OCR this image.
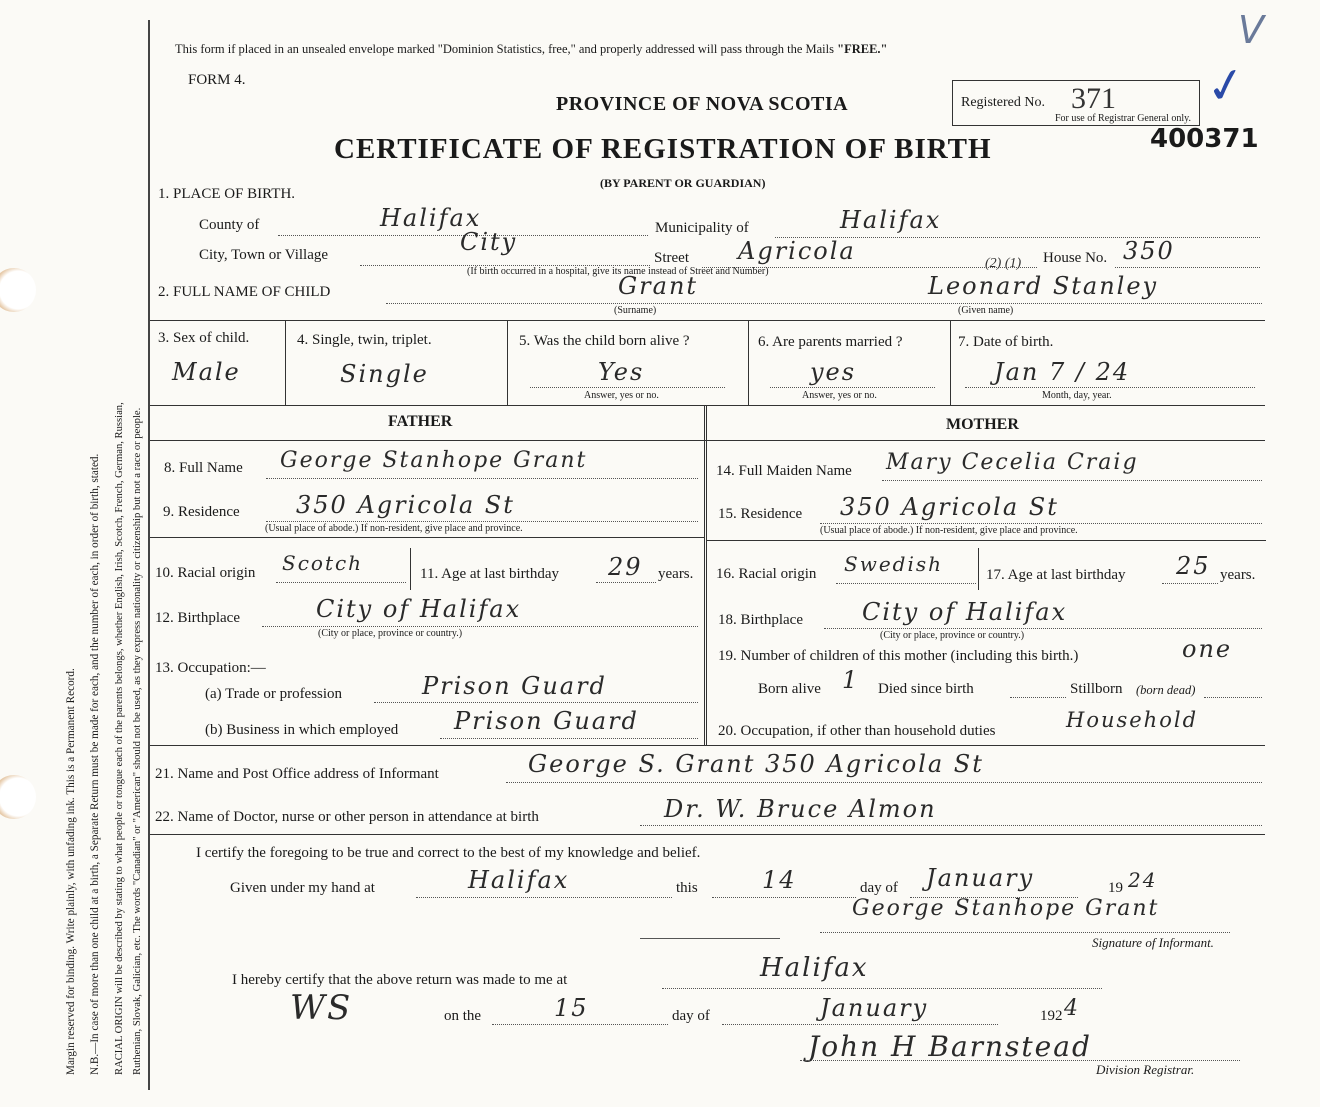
Margin reserved for binding. Write plainly, with unfading ink. This is a Permanent Record. N.B.—In case of more than one child at a birth, a Separate Return must be made for each, and the number of each, in order of birth, stated. RACIAL ORIGIN will be described by stating to what people or tongue each of the parents belongs, whether English, Irish, Scotch, French, German, Russian, Ruthenian, Slovak, Galician, etc. The words "Canadian" or "American" should not be used, as they express nationality or citizenship but not a race or people.
This form if placed in an unsealed envelope marked "Dominion Statistics, free," and properly addressed will pass through the Mails "FREE."
FORM 4.
PROVINCE OF NOVA SCOTIA
CERTIFICATE OF REGISTRATION OF BIRTH
(BY PARENT OR GUARDIAN)
Registered No. 371
For use of Registrar General only.
400371
✓
V
1. PLACE OF BIRTH.
County of	Halifax	Municipality of	Halifax
City, Town or Village	City
Street Agricola	House No. 350
(If birth occurred in a hospital, give its name instead of Street and Number)
2. FULL NAME OF CHILD	Grant
(2) (1)
Leonard Stanley
(Surname)	(Given name)
3. Sex of child.
Male
4. Single, twin, triplet.
Single
5. Was the child born alive ?
Yes
Answer, yes or no.
6. Are parents married ?
yes
Answer, yes or no.
7. Date of birth.
Jan 7 / 24
Month, day, year.
FATHER	MOTHER
8. Full Name George Stanhope Grant
9. Residence 350 Agricola St
(Usual place of abode.) If non-resident, give place and province.
10. Racial origin Scotch	11. Age at last birthday 29 years.
12. Birthplace	City of Halifax
(City or place, province or country.)
13. Occupation:—
(a) Trade or profession	Prison Guard
(b) Business in which employed Prison Guard
14. Full Maiden Name Mary Cecelia Craig
15. Residence 350 Agricola St
(Usual place of abode.) If non-resident, give place and province.
16. Racial origin Swedish	17. Age at last birthday 25 years.
18. Birthplace City of Halifax
(City or place, province or country.)
19. Number of children of this mother (including this birth.)	one
Born alive 1 Died since birth	Stillborn (born dead)
20. Occupation, if other than household duties	Household
21. Name and Post Office address of Informant	George S. Grant 350 Agricola St
22. Name of Doctor, nurse or other person in attendance at birth	Dr. W. Bruce Almon
I certify the foregoing to be true and correct to the best of my knowledge and belief.
Given under my hand at	Halifax	this	14	day of January	19 24
George Stanhope Grant
Signature of Informant.
I hereby certify that the above return was made to me at	Halifax
WS	on the	15	day of	January	192 4
John H Barnstead
Division Registrar.
